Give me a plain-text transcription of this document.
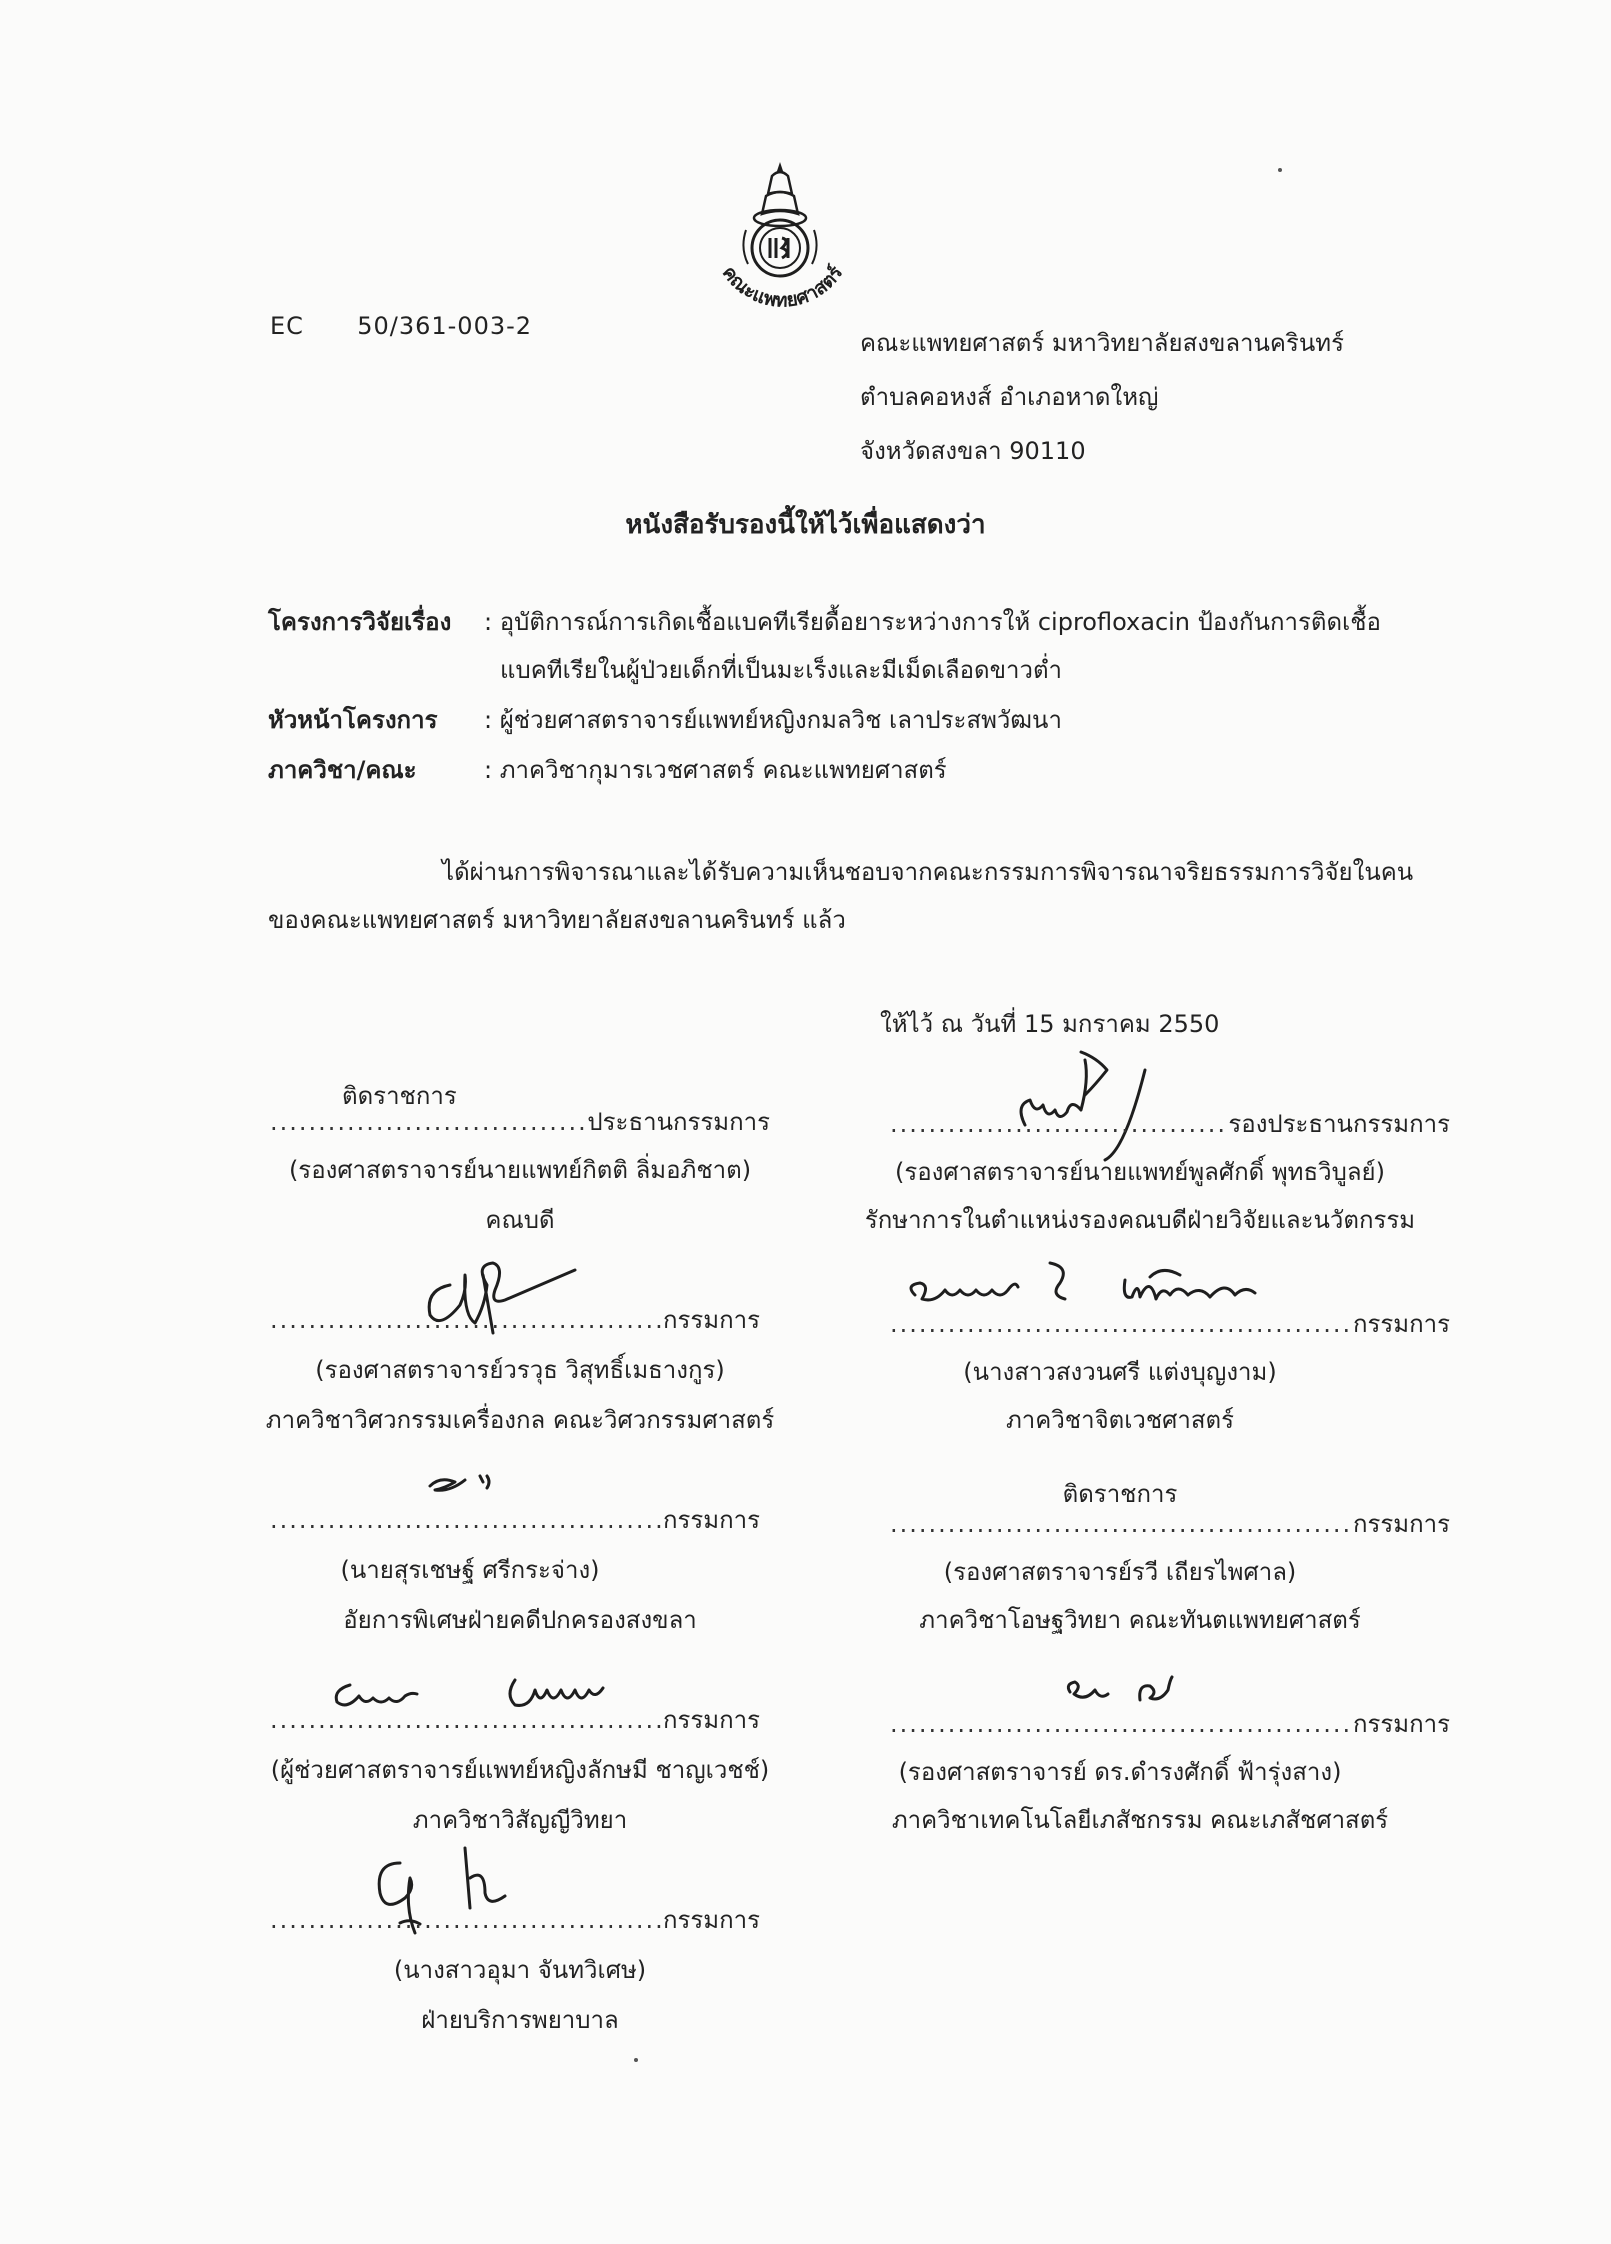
คณะแพทยศาสตร์
EC 50/361-003-2
คณะแพทยศาสตร์ มหาวิทยาลัยสงขลานครินทร์
ตำบลคอหงส์ อำเภอหาดใหญ่
จังหวัดสงขลา 90110
หนังสือรับรองนี้ให้ไว้เพื่อแสดงว่า
โครงการวิจัยเรื่อง : อุบัติการณ์การเกิดเชื้อแบคทีเรียดื้อยาระหว่างการให้ ciprofloxacin ป้องกันการติดเชื้อ
แบคทีเรียในผู้ป่วยเด็กที่เป็นมะเร็งและมีเม็ดเลือดขาวต่ำ
หัวหน้าโครงการ : ผู้ช่วยศาสตราจารย์แพทย์หญิงกมลวิช เลาประสพวัฒนา
ภาควิชา/คณะ	: ภาควิชากุมารเวชศาสตร์ คณะแพทยศาสตร์
ได้ผ่านการพิจารณาและได้รับความเห็นชอบจากคณะกรรมการพิจารณาจริยธรรมการวิจัยในคน
ของคณะแพทยศาสตร์ มหาวิทยาลัยสงขลานครินทร์ แล้ว
ให้ไว้ ณ วันที่ 15 มกราคม 2550
ติดราชการ
.....
ประธานกรรมการ
(รองศาสตราจารย์นายแพทย์กิตติ ลิ่มอภิชาต)
คณบดี
.....
กรรมการ
(รองศาสตราจารย์วรวุธ วิสุทธิ์เมธางกูร)
ภาควิชาวิศวกรรมเครื่องกล คณะวิศวกรรมศาสตร์
.....
กรรมการ
(นายสุรเชษฐ์ ศรีกระจ่าง)
อัยการพิเศษฝ่ายคดีปกครองสงขลา
.....
กรรมการ
(ผู้ช่วยศาสตราจารย์แพทย์หญิงลักษมี ชาญเวชช์)
ภาควิชาวิสัญญีวิทยา
.....
กรรมการ
(นางสาวอุมา จันทวิเศษ)
ฝ่ายบริการพยาบาล
.....
รองประธานกรรมการ
(รองศาสตราจารย์นายแพทย์พูลศักดิ์ พุทธวิบูลย์)
รักษาการในตำแหน่งรองคณบดีฝ่ายวิจัยและนวัตกรรม
.....
กรรมการ
(นางสาวสงวนศรี แต่งบุญงาม)
ภาควิชาจิตเวชศาสตร์
ติดราชการ
.....
กรรมการ
(รองศาสตราจารย์รวี เถียรไพศาล)
ภาควิชาโอษฐวิทยา คณะทันตแพทยศาสตร์
.....
กรรมการ
(รองศาสตราจารย์ ดร.ดำรงศักดิ์ ฟ้ารุ่งสาง)
ภาควิชาเทคโนโลยีเภสัชกรรม คณะเภสัชศาสตร์
